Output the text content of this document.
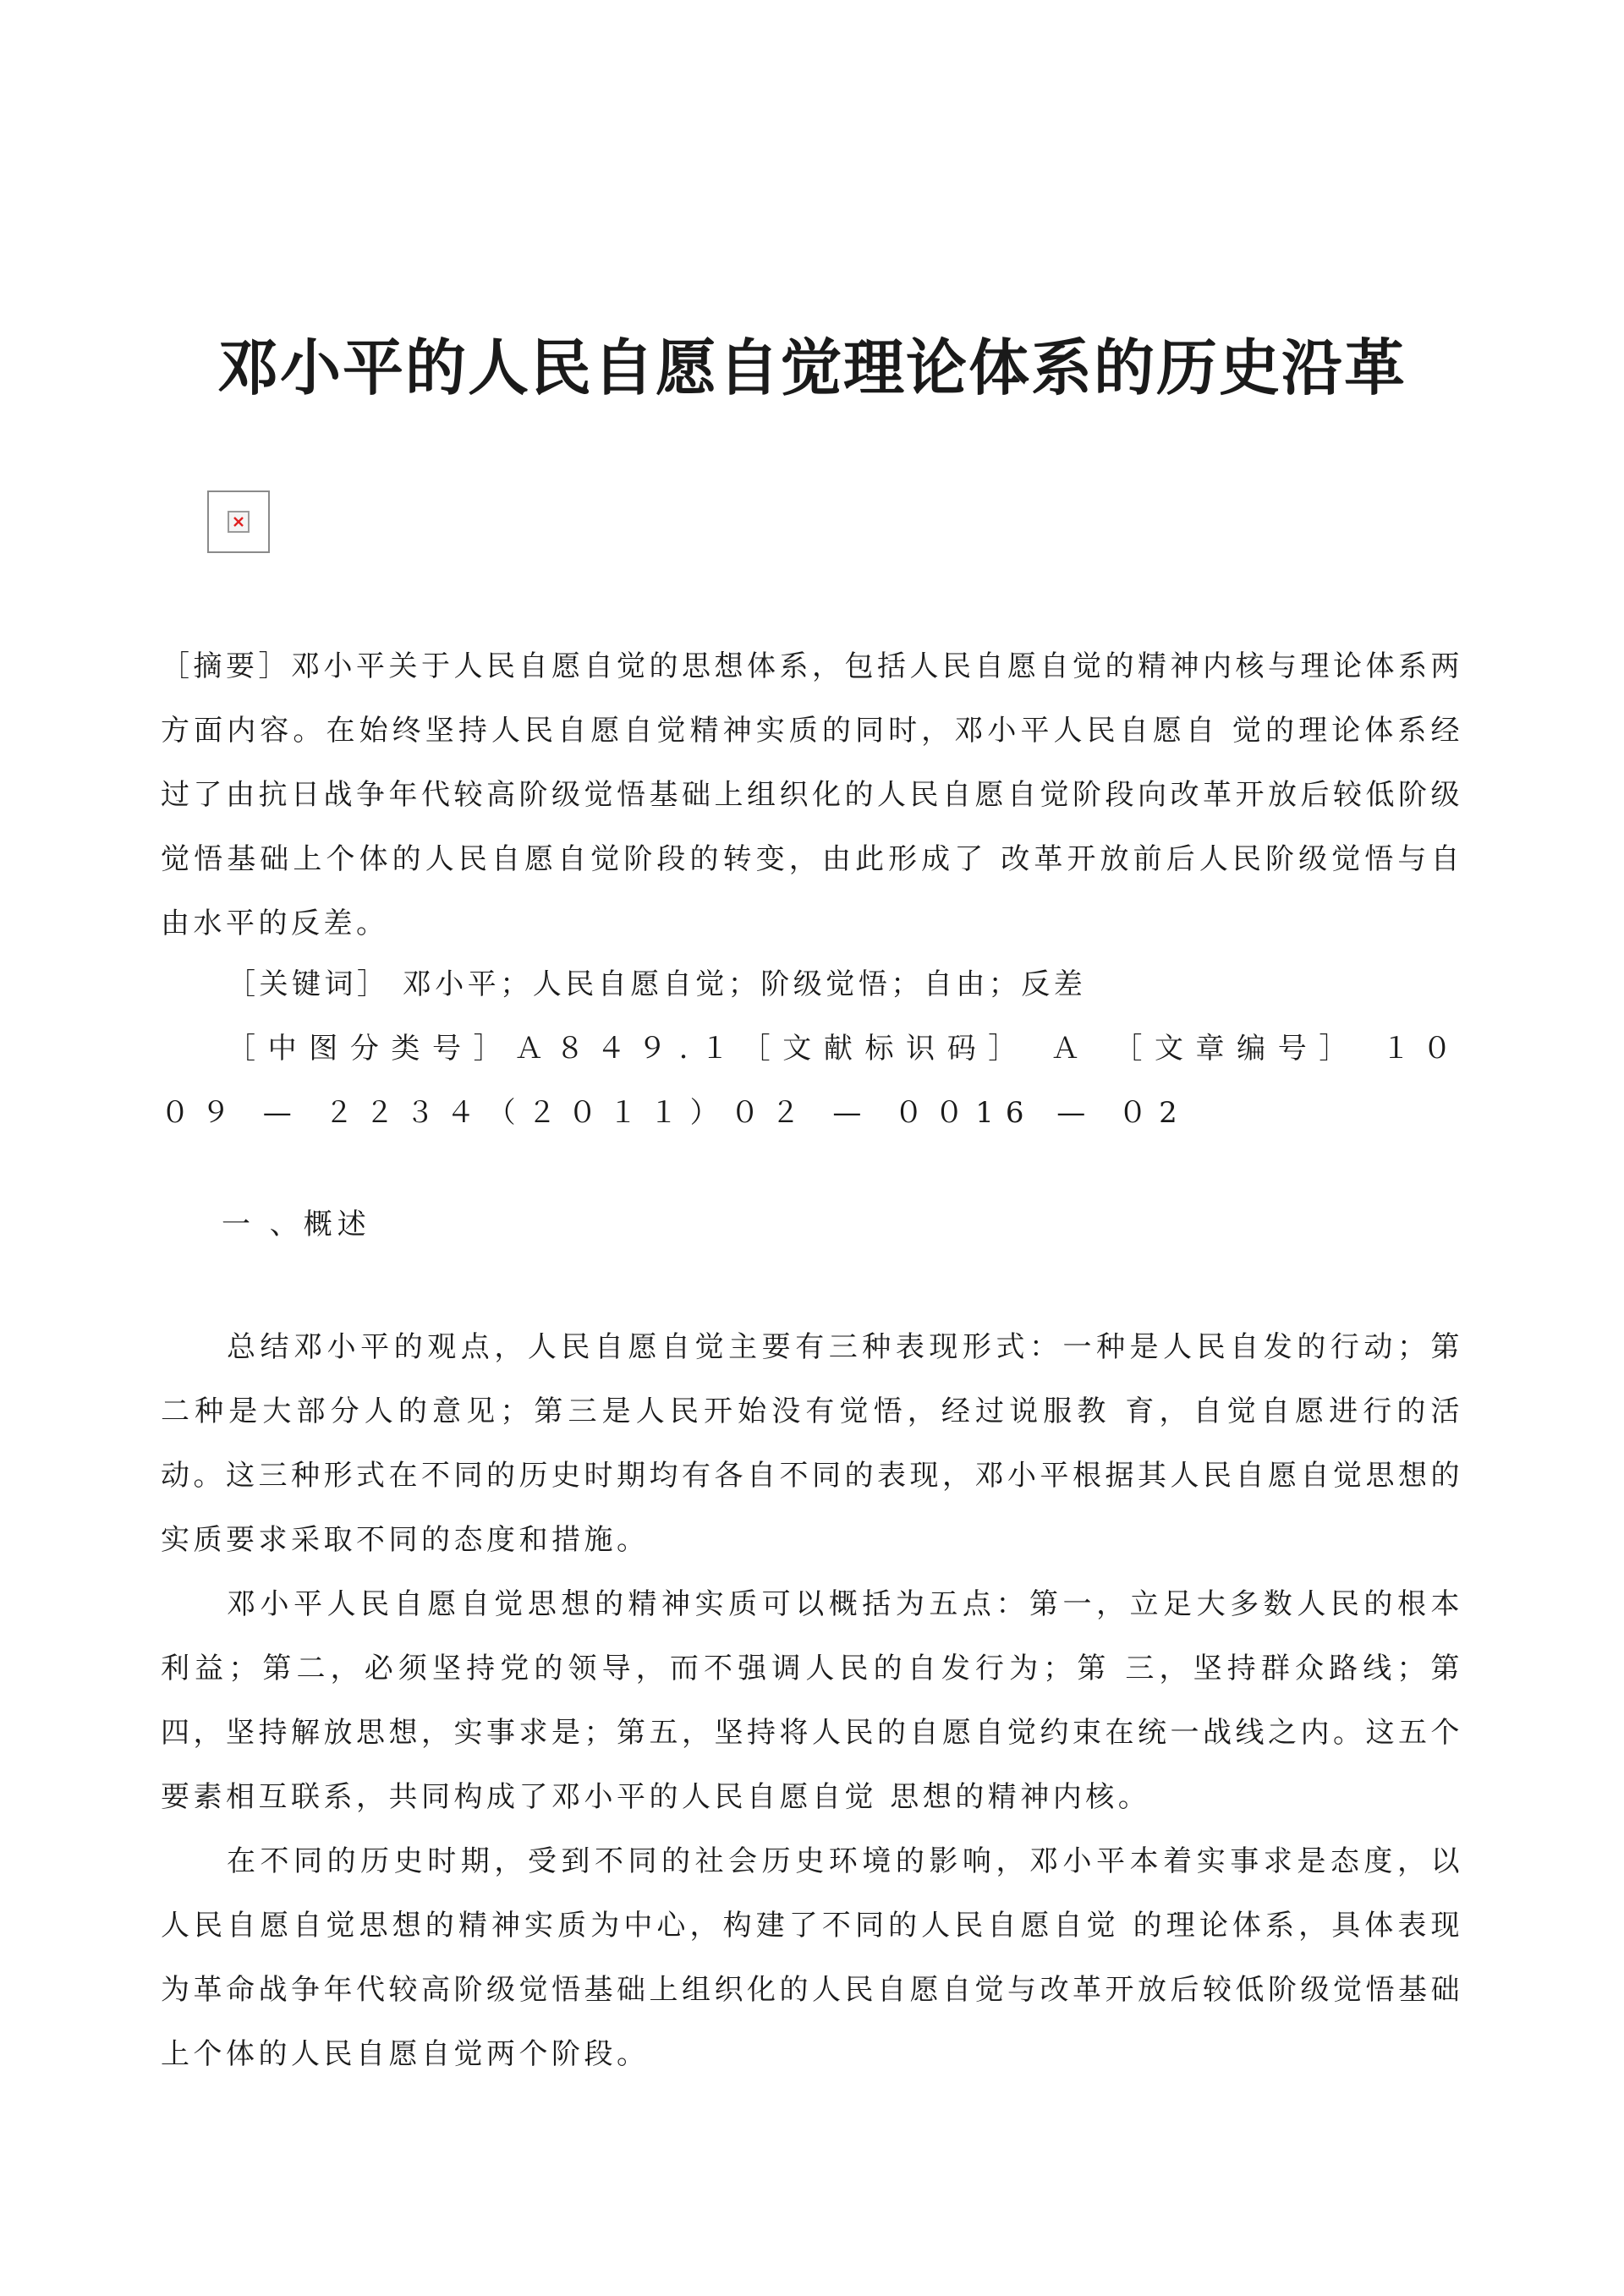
邓小平的人民自愿自觉理论体系的历史沿革

［摘要］邓小平关于人民自愿自觉的思想体系，包括人民自愿自觉的精神内核与理论体系两方面内容。在始终坚持人民自愿自觉精神实质的同时，邓小平人民自愿自 觉的理论体系经过了由抗日战争年代较高阶级觉悟基础上组织化的人民自愿自觉阶段向改革开放后较低阶级觉悟基础上个体的人民自愿自觉阶段的转变，由此形成了 改革开放前后人民阶级觉悟与自由水平的反差。

［关键词］ 邓小平；人民自愿自觉；阶级觉悟；自由；反差

［中图分类号］Ａ８４９.１［文献标识码］ Ａ ［文章编号］ １００９ — ２２３４（２０１１）０２ — ００16 — ０2

一 、概述

总结邓小平的观点，人民自愿自觉主要有三种表现形式：一种是人民自发的行动；第二种是大部分人的意见；第三是人民开始没有觉悟，经过说服教 育，自觉自愿进行的活动。这三种形式在不同的历史时期均有各自不同的表现，邓小平根据其人民自愿自觉思想的实质要求采取不同的态度和措施。

邓小平人民自愿自觉思想的精神实质可以概括为五点：第一，立足大多数人民的根本利益；第二，必须坚持党的领导，而不强调人民的自发行为；第 三，坚持群众路线；第四，坚持解放思想，实事求是；第五，坚持将人民的自愿自觉约束在统一战线之内。这五个要素相互联系，共同构成了邓小平的人民自愿自觉 思想的精神内核。

在不同的历史时期，受到不同的社会历史环境的影响，邓小平本着实事求是态度，以人民自愿自觉思想的精神实质为中心，构建了不同的人民自愿自觉 的理论体系，具体表现为革命战争年代较高阶级觉悟基础上组织化的人民自愿自觉与改革开放后较低阶级觉悟基础上个体的人民自愿自觉两个阶段。
